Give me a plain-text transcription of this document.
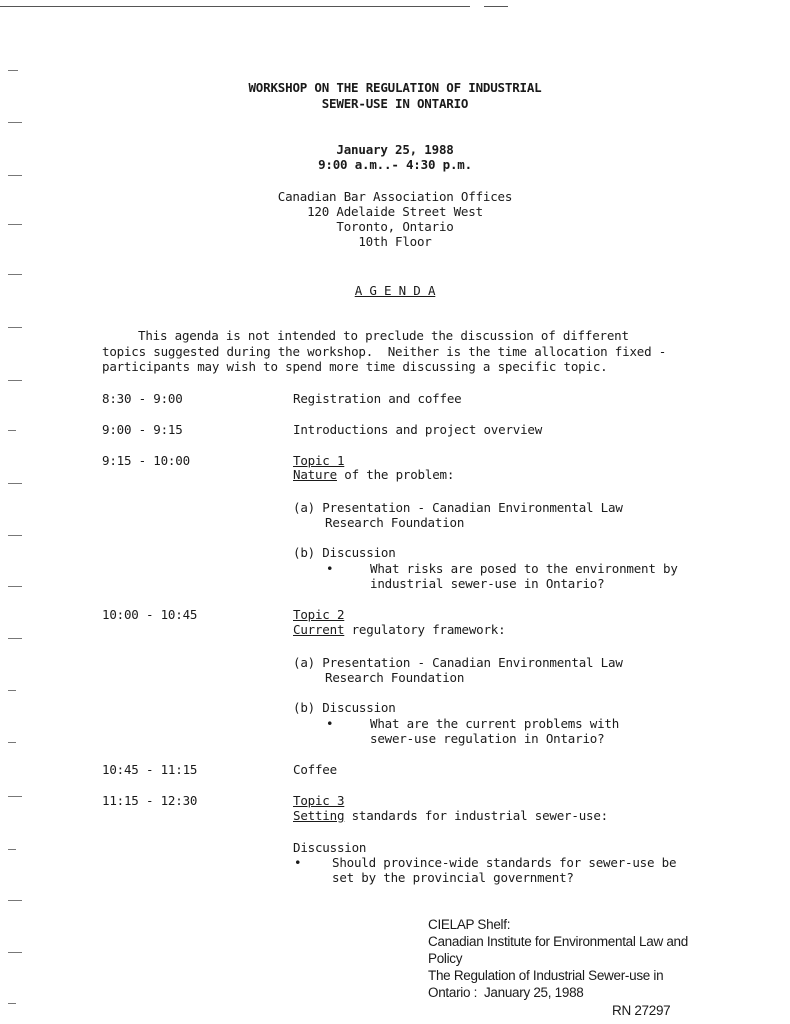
WORKSHOP ON THE REGULATION OF INDUSTRIAL
SEWER-USE IN ONTARIO
January 25, 1988
9:00 a.m..- 4:30 p.m.
Canadian Bar Association Offices
120 Adelaide Street West
Toronto, Ontario
10th Floor
A G E N D A
This agenda is not intended to preclude the discussion of different
topics suggested during the workshop.  Neither is the time allocation fixed -
participants may wish to spend more time discussing a specific topic.
8:30 - 9:00	Registration and coffee
9:00 - 9:15	Introductions and project overview
9:15 - 10:00	Topic 1
Nature of the problem:
(a) Presentation - Canadian Environmental Law
Research Foundation
(b) Discussion
•	What risks are posed to the environment by
industrial sewer-use in Ontario?
10:00 - 10:45	Topic 2
Current regulatory framework:
(a) Presentation - Canadian Environmental Law
Research Foundation
(b) Discussion
•	What are the current problems with
sewer-use regulation in Ontario?
10:45 - 11:15	Coffee
11:15 - 12:30	Topic 3
Setting standards for industrial sewer-use:
Discussion
• Should province-wide standards for sewer-use be
set by the provincial government?
CIELAP Shelf:
Canadian Institute for Environmental Law and
Policy
The Regulation of Industrial Sewer-use in
Ontario :  January 25, 1988
RN 27297
